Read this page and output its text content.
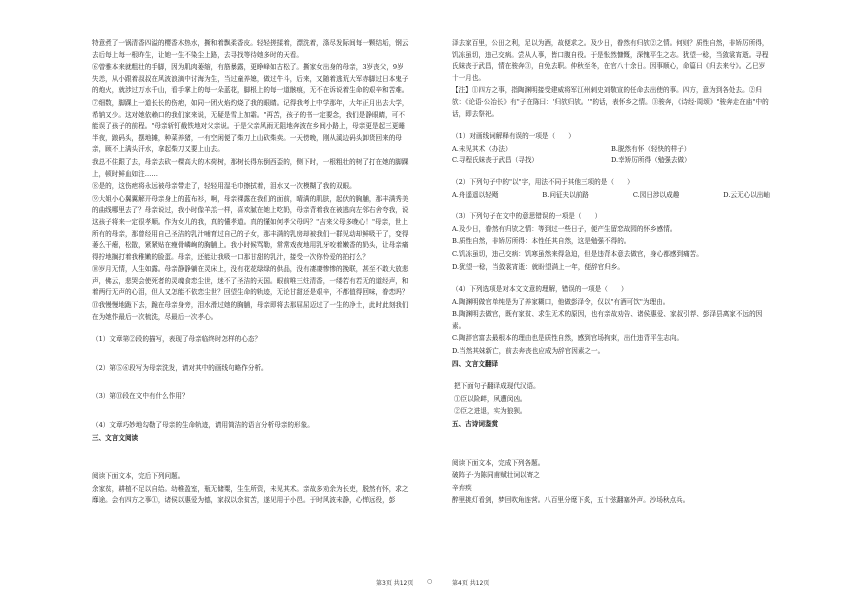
特意煮了一锅清香四溢的樱香木热水，撕和着飘柔香皮。轻轻搓揉着，漂洗着，涤尽发际间每一颗结垢，钢云去后每上每一根昨生，让她一生不染尘上路，去寻找等待她多时的天看。

⑥曾雅本来就粗壮的手脚，因为肌肉萎缩，有筋暴露，更睁峰如古松了。撕家女出身的母亲，3岁丧父，9岁失恙，从小跟着叔叔在风波浪滴中讨海为生，当过童养媳，做过牛斗，后来，又随着逃荒大军赤脚过日本鬼子的炮火，就涉过万水千山，看手掌上的每一朵蓝花，脚根上的每一道骸痕，无不在诉说着生命的艰辛和苦难。

⑦细数，脚踝上一道长长的伤疤，如同一团火焰灼烧了我的眼睛。记得我考上中学那年，大年正月出去大学，希钠又少。这对她依赖口的我们家来说，无疑是雪上加霜。"再苦，孩子的书一定要念，我们是静眼睛，可不能误了孩子的前程。"母亲斩钉截铁地对父亲说。于是父亲风雨无阻地奔波在乡间小路上，母亲更是起三更睡半夜，踉码头，摆地摊，种菜养猪，一有空闲便了柴刀上山砍柴卖。一天傍晚，刚从溪边码头卸货回来的母亲，顾不上满头汗水，拿起柴刀又要上山去。

我总不住跟了去，母亲去砍一棵高大的木荷树，那树长得东倒西歪的，侧下时，一根粗壮的树了打在她的脚踝上，顿时鲜血如注……

⑧是的，这伤疤将永远被母亲带走了，轻轻用湿毛巾擦拭着，泪水又一次模糊了我的双眼。

⑨大姐小心翼翼解开母亲身上的蓝布衫，啊，母亲裸露在我们的面前，晴满的肌肤，起伏的胸脯，那丰满秀美的曲线哪里去了？母亲说过，我小时像羊羔一样，喜欢腻在她上吃奶，母亲背着我在被逃向左邻右舍夸我，说这孩子将来一定很孝顺。作为女儿的我，真的懂孝道。真的懂如何孝父母吗？"吉来父母多晚心！"母亲，世上所有的母亲，那曾经用自己圣洁的乳汁哺育过自己的子女，那丰满的乳房却被我们一群见动却鲜吸干了，变得萎么干瘪，松散，紧紧贴在瘦骨嶙峋的胸脯上。我小时候骂勒，常常戏夜地用乳牙咬着嫩香的奶头，让母亲痛得拧地搁打着我稚嫩的脸蛋。母亲，还能让我吸一口那甘甜的乳汁，接受一次你怜爱的拍打么？

⑩岁月无情，人生如露。母亲静静躺在灵床上，没有花花绿绿的供品，没有凄凄惨惨的挽联，甚至不敢大放悲声，佛云，悲哭会使死者的灵魂食恋尘世，迷不了圣洁的天国。眼前唯三炷清香，一缕若有若无的道经声，和着两行无声的心泪，但人又怎能不依恋尘世？回望生命的轨迹，无论甘甜还是艰辛，不都值得回味，眷恋吗？

⑪我慢慢地跪下去，跪在母亲身旁，泪水滑过她的胸脯，母亲即将去那屈屈迈过了一生的净土，此时此刻我们在为她作最后一次梳洗，尽最后一次孝心。

（1）文章第②段的描写，表现了母亲临终时怎样的心态？

（2）第⑤⑥段写为母亲洗发，请对其中的画线句略作分析。

（3）第⑪段在文中有什么作用？

（4）文章巧妙地勾勒了母亲的生命轨迹，请用简洁的语言分析母亲的形象。

三、文言文阅读

阅读下面文本，完后下列问题。

余家贫，耕植不足以自给。幼稚盈室，瓶无储粟，生生所资，未见其术。亲故多劝余为长吏，脱然有怀，求之靡途。会有四方之事①，诸侯以惠爱为德，家叔以余贫苦，遂见用于小邑。于时风波未静，心惮远役，彭

泽去家百里，公田之利，足以为酒，故便求之。及少日，眷然有归欤②之情。何则？质性自然，非矫厉所得，饥冻虽切，违己交病。尝从人事，皆口腹自役。于是怅然慷慨，深愧平生之志。犹望一稔，当敛裳宵逝。寻程氏妹丧于武昌，情在骏奔③，自免去职。仲秋至冬，在官八十余日。因事顺心，命篇曰《归去来兮》。乙巳岁十一月也。

【注】①四方之事，指陶渊明接受建威将军江州刺史刘敬宣的任命去出使的事。四方，意为到各处去。②归欤：《论语·公冶长》有"子在陈曰：'归欤归欤。'"的话，表怀乡之情。③骏奔，《诗经·周颂》"骏奔走在庙"中的话，即去祭祀。

（1）对画线词解释有误的一项是（　　）

A.未见其术（办法）	B.脱然有怀（轻快的样子）
C.寻程氏妹丧于武昌（寻找）	D.幸矫厉所得（勉强去做）

（2）下列句子中的"以"字，用法不同于其他三项的是（　　）

A.舟遥遥以轻飏	B.问征夫以前路	C.园日涉以成趣	D.云无心以出岫

（3）下列句子在文中的意思错误的一项是（　　）

A.及少日，眷然有归欤之情：等到过一些日子，便产生留恋故园的怀乡感情。

B.质性自然，非矫厉所得：本性任其自然，这是勉强不得的。

C.饥冻虽切，违己交病：饥寒虽然来得急迫，但是违背本意去做官，身心都感到痛苦。

D.犹望一稔，当敛裳宵逝：就盼望满上一年，便辞官归乡。

（4）下列选项是对本文文意的理解，错误的一项是（　　）

A.陶渊明做官单纯是为了养家糊口，他做彭泽令，仅以"有酒可饮"为理由。

B.陶渊明去做官，既有家贫、求生无术的原因，也有亲故劝告、诸侯惠爱、家叔引荐、彭泽县离家不远的因素。

C.陶辞官富去最根本的理由也是质性自然，感到官场拘束，出仕违背平生志向。

D.当然其妹新亡，前去奔丧也应成为辞官因素之一。

四、文言文翻译

把下面句子翻译成现代汉语。

①臣以险衅，夙遭闵凶。

②臣之进退，实为狼狈。

五、古诗词鉴赏

阅读下面文本，完成下列各题。

破阵子·为陈同甫赋壮词以寄之

辛弃疾

醉里挑灯看剑，梦回吹角连营。八百里分麾下炙，五十弦翻塞外声。沙场秋点兵。

第3页 共12页 ○	第4页 共12页
